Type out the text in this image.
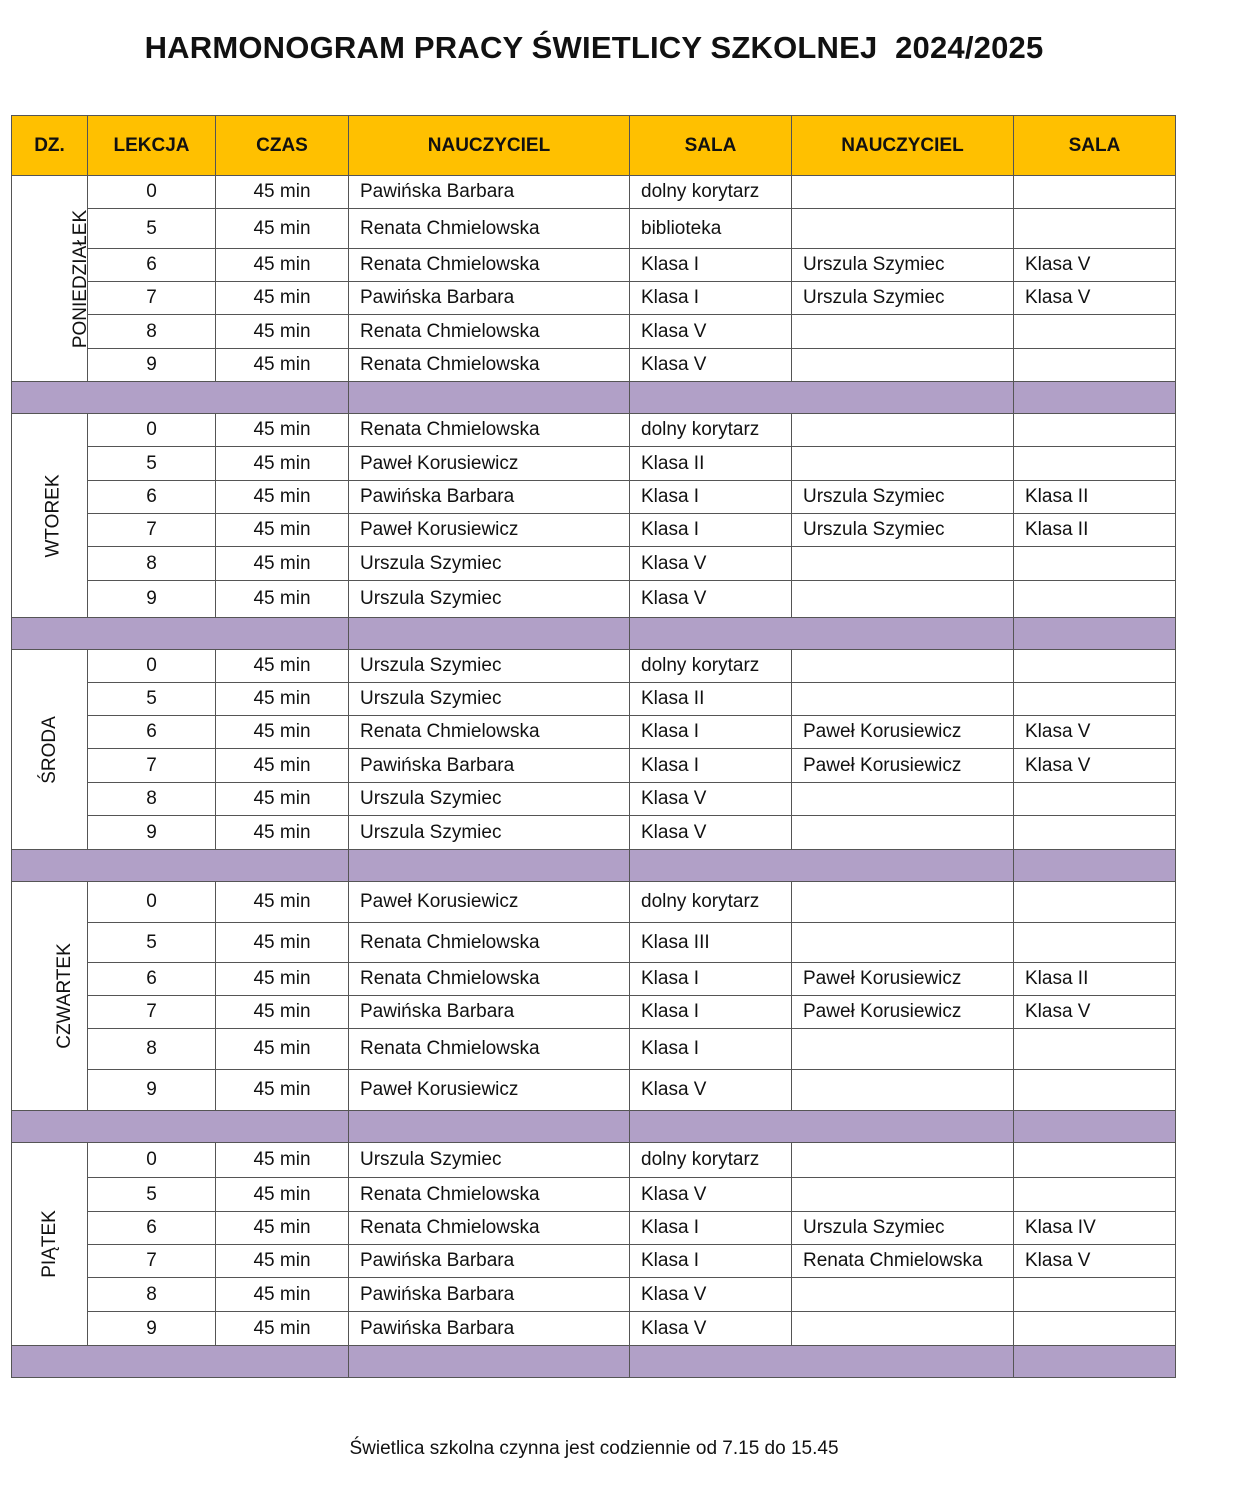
HARMONOGRAM PRACY ŚWIETLICY SZKOLNEJ  2024/2025
DZ.	LEKCJA	CZAS	NAUCZYCIEL	SALA	NAUCZYCIEL	SALA
PONIEDZIAŁEK	0	45 min	Pawińska Barbara	dolny korytarz		
	5	45 min	Renata Chmielowska	biblioteka		
	6	45 min	Renata Chmielowska	Klasa I	Urszula Szymiec	Klasa V
	7	45 min	Pawińska Barbara	Klasa I	Urszula Szymiec	Klasa V
	8	45 min	Renata Chmielowska	Klasa V		
	9	45 min	Renata Chmielowska	Klasa V		

WTOREK	0	45 min	Renata Chmielowska	dolny korytarz		
	5	45 min	Paweł Korusiewicz	Klasa II		
	6	45 min	Pawińska Barbara	Klasa I	Urszula Szymiec	Klasa II
	7	45 min	Paweł Korusiewicz	Klasa I	Urszula Szymiec	Klasa II
	8	45 min	Urszula Szymiec	Klasa V		
	9	45 min	Urszula Szymiec	Klasa V		

ŚRODA	0	45 min	Urszula Szymiec	dolny korytarz		
	5	45 min	Urszula Szymiec	Klasa II		
	6	45 min	Renata Chmielowska	Klasa I	Paweł Korusiewicz	Klasa V
	7	45 min	Pawińska Barbara	Klasa I	Paweł Korusiewicz	Klasa V
	8	45 min	Urszula Szymiec	Klasa V		
	9	45 min	Urszula Szymiec	Klasa V		

CZWARTEK	0	45 min	Paweł Korusiewicz	dolny korytarz		
	5	45 min	Renata Chmielowska	Klasa III		
	6	45 min	Renata Chmielowska	Klasa I	Paweł Korusiewicz	Klasa II
	7	45 min	Pawińska Barbara	Klasa I	Paweł Korusiewicz	Klasa V
	8	45 min	Renata Chmielowska	Klasa I		
	9	45 min	Paweł Korusiewicz	Klasa V		

PIĄTEK	0	45 min	Urszula Szymiec	dolny korytarz		
	5	45 min	Renata Chmielowska	Klasa V		
	6	45 min	Renata Chmielowska	Klasa I	Urszula Szymiec	Klasa IV
	7	45 min	Pawińska Barbara	Klasa I	Renata Chmielowska	Klasa V
	8	45 min	Pawińska Barbara	Klasa V		
	9	45 min	Pawińska Barbara	Klasa V		

Świetlica szkolna czynna jest codziennie od 7.15 do 15.45
